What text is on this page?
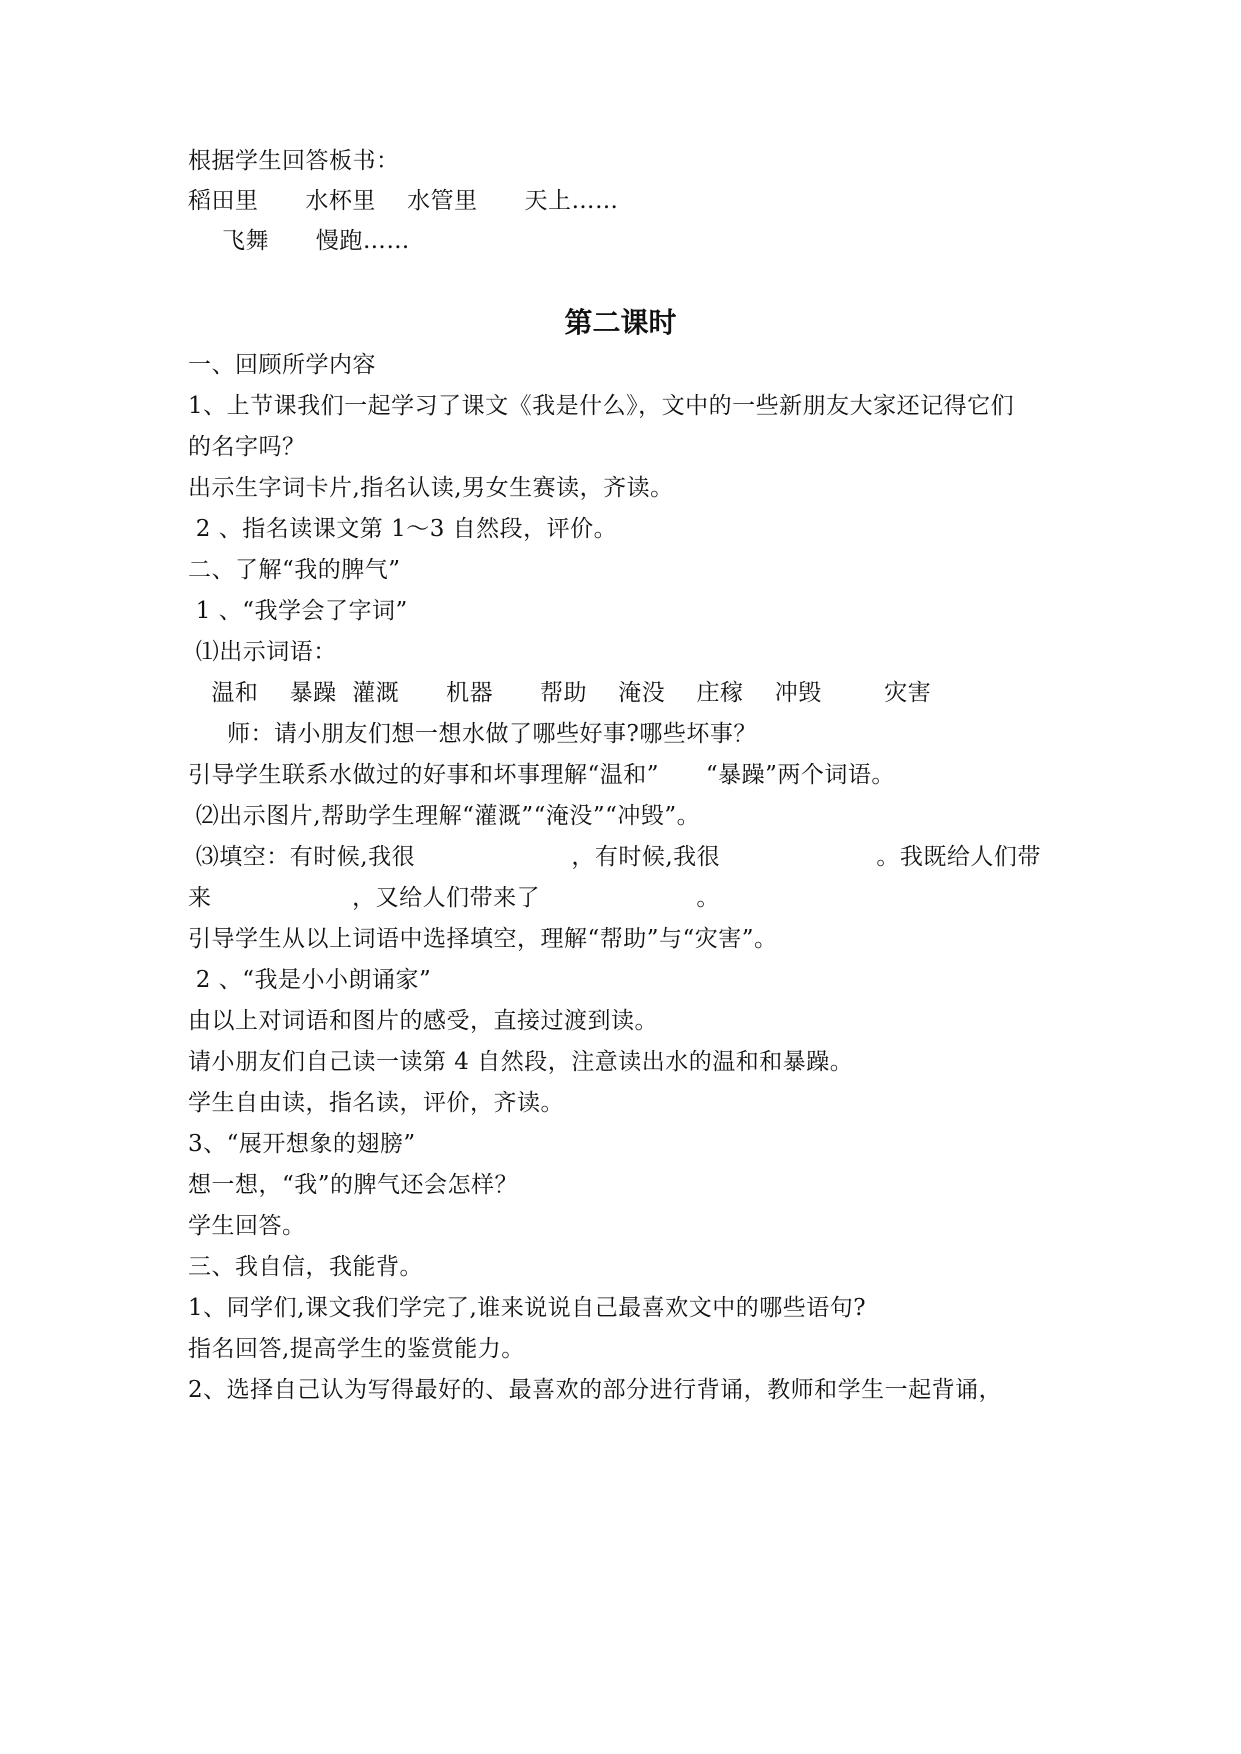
根据学生回答板书：
稻田里      水杯里    水管里      天上……
飞舞      慢跑……
第二课时
一、回顾所学内容
1、上节课我们一起学习了课文《我是什么》，文中的一些新朋友大家还记得它们
的名字吗？
出示生字词卡片,指名认读,男女生赛读，齐读。
2 、指名读课文第 1～3 自然段，评价。
二、了解“我的脾气”
1 、“我学会了字词”
⑴出示词语：
温和    暴躁  灌溉      机器      帮助    淹没    庄稼    冲毁        灾害
师：请小朋友们想一想水做了哪些好事?哪些坏事？
引导学生联系水做过的好事和坏事理解“温和”      “暴躁”两个词语。
⑵出示图片,帮助学生理解“灌溉”“淹没”“冲毁”。
⑶填空：有时候,我很                    ，有时候,我很                    。我既给人们带
来                  ，又给人们带来了                    。
引导学生从以上词语中选择填空，理解“帮助”与“灾害”。
2 、“我是小小朗诵家”
由以上对词语和图片的感受，直接过渡到读。
请小朋友们自己读一读第 4 自然段，注意读出水的温和和暴躁。
学生自由读，指名读，评价，齐读。
3、“展开想象的翅膀”
想一想，“我”的脾气还会怎样？
学生回答。
三、我自信，我能背。
1、同学们,课文我们学完了,谁来说说自己最喜欢文中的哪些语句?
指名回答,提高学生的鉴赏能力。
2、选择自己认为写得最好的、最喜欢的部分进行背诵，教师和学生一起背诵，
